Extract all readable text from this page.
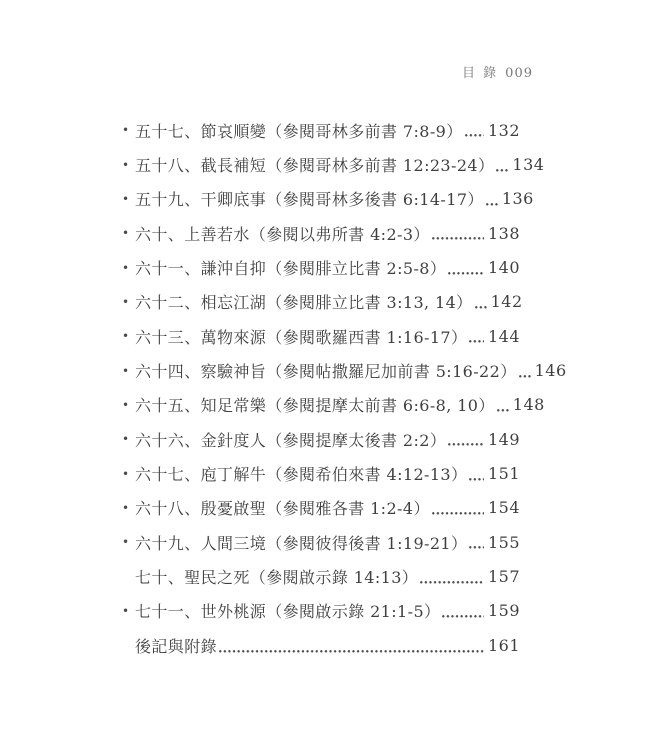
目 錄 009
• 五十七、 節哀順變 （參閱哥林多前書 7:8-9） 132
• 五十八、 截長補短 （參閱哥林多前書 12:23-24） 134
• 五十九、 干卿底事 （參閱哥林多後書 6:14-17） 136
• 六十、 上善若水 （參閱以弗所書 4:2-3）	138
• 六十一、 謙沖自抑 （參閱腓立比書 2:5-8）	140
• 六十二、 相忘江湖 （參閱腓立比書 3:13, 14） 142
• 六十三、 萬物來源 （參閱歌羅西書 1:16-17） 144
• 六十四、 察驗神旨 （參閱帖撒羅尼加前書 5:16-22） 146
• 六十五、 知足常樂 （參閱提摩太前書 6:6-8, 10） 148
• 六十六、 金針度人 （參閱提摩太後書 2:2）	149
• 六十七、 庖丁解牛 （參閱希伯來書 4:12-13） 151
• 六十八、 殷憂啟聖 （參閱雅各書 1:2-4）	154
• 六十九、 人間三境 （參閱彼得後書 1:19-21） 155
七十、 聖民之死 （參閱啟示錄 14:13）	157
• 七十一、 世外桃源 （參閱啟示錄 21:1-5）	159
後記與附錄	161
